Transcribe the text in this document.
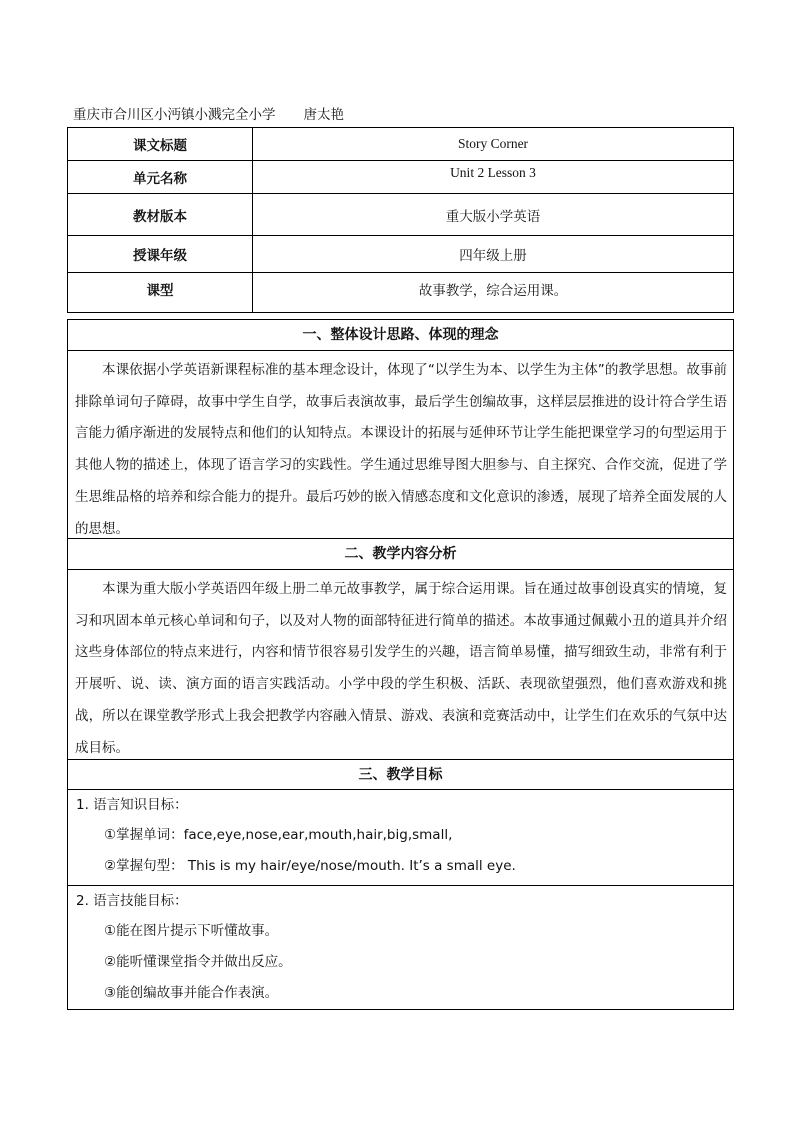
重庆市合川区小沔镇小溅完全小学 唐太艳
课文标题	Story Corner
单元名称	Unit 2 Lesson 3
教材版本	重大版小学英语
授课年级	四年级上册
课型	故事教学，综合运用课。
一、整体设计思路、体现的理念
本课依据小学英语新课程标准的基本理念设计，体现了“以学生为本、以学生为主体”的教学思想。故事前排除单词句子障碍，故事中学生自学，故事后表演故事，最后学生创编故事，这样层层推进的设计符合学生语言能力循序渐进的发展特点和他们的认知特点。本课设计的拓展与延伸环节让学生能把课堂学习的句型运用于其他人物的描述上，体现了语言学习的实践性。学生通过思维导图大胆参与、自主探究、合作交流，促进了学生思维品格的培养和综合能力的提升。最后巧妙的嵌入情感态度和文化意识的渗透，展现了培养全面发展的人的思想。
二、教学内容分析
本课为重大版小学英语四年级上册二单元故事教学，属于综合运用课。旨在通过故事创设真实的情境，复习和巩固本单元核心单词和句子，以及对人物的面部特征进行简单的描述。本故事通过佩戴小丑的道具并介绍这些身体部位的特点来进行，内容和情节很容易引发学生的兴趣，语言简单易懂，描写细致生动，非常有利于开展听、说、读、演方面的语言实践活动。小学中段的学生积极、活跃、表现欲望强烈，他们喜欢游戏和挑战，所以在课堂教学形式上我会把教学内容融入情景、游戏、表演和竞赛活动中，让学生们在欢乐的气氛中达成目标。
三、教学目标
1. 语言知识目标：
①掌握单词：face,eye,nose,ear,mouth,hair,big,small,
②掌握句型： This is my hair/eye/nose/mouth. It’s a small eye.
2. 语言技能目标：
①能在图片提示下听懂故事。
②能听懂课堂指令并做出反应。
③能创编故事并能合作表演。
